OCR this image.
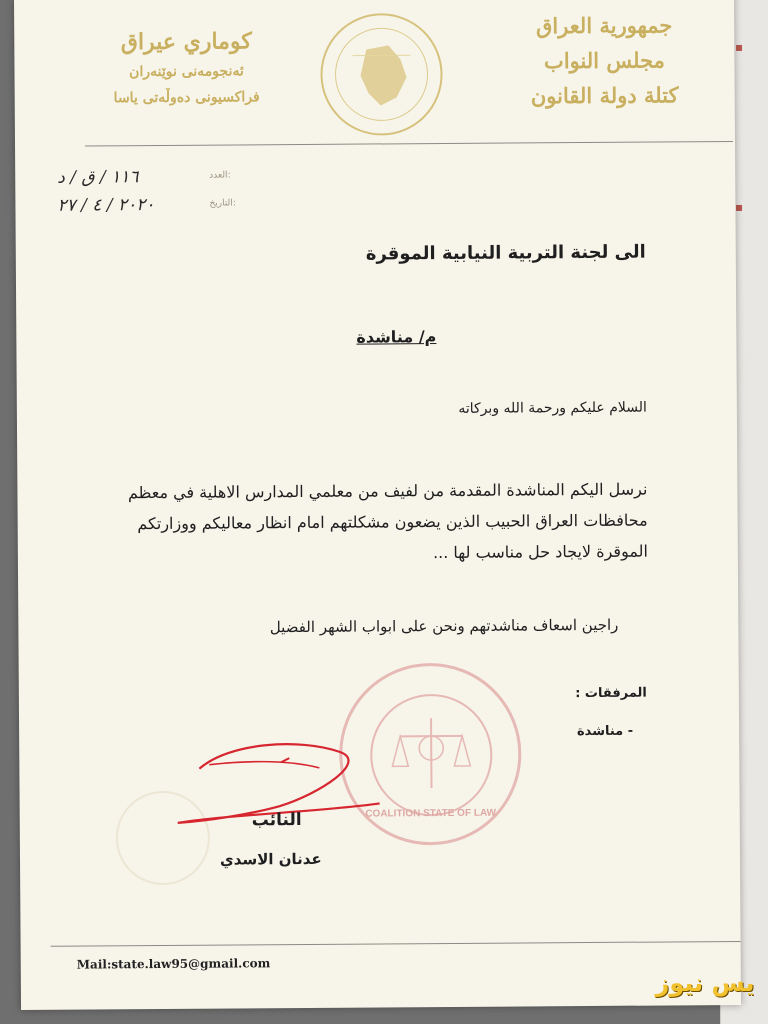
▪
▪
جمهورية العراق
مجلس النواب
كتلة دولة القانون
كوماري عيراق
ئەنجومەنی نوێنەران
فراكسيونی دەوڵەتی یاسا
١١٦ / ق / د	العدد:
٢٠٢٠ / ٤ / ٢٧	التاريخ:
الى لجنة التربية النيابية الموقرة
م/ مناشدة
السلام عليكم ورحمة الله وبركاته
نرسل اليكم المناشدة المقدمة من لفيف من معلمي المدارس الاهلية في معظم محافظات العراق الحبيب الذين يضعون مشكلتهم امام انظار معاليكم ووزارتكم الموقرة لايجاد حل مناسب لها ...
راجين اسعاف مناشدتهم ونحن على ابواب الشهر الفضيل
المرفقات :
- مناشدة
COALITION STATE OF LAW
النائب
عدنان الاسدي
Mail:state.law95@gmail.com
يس نيوز
